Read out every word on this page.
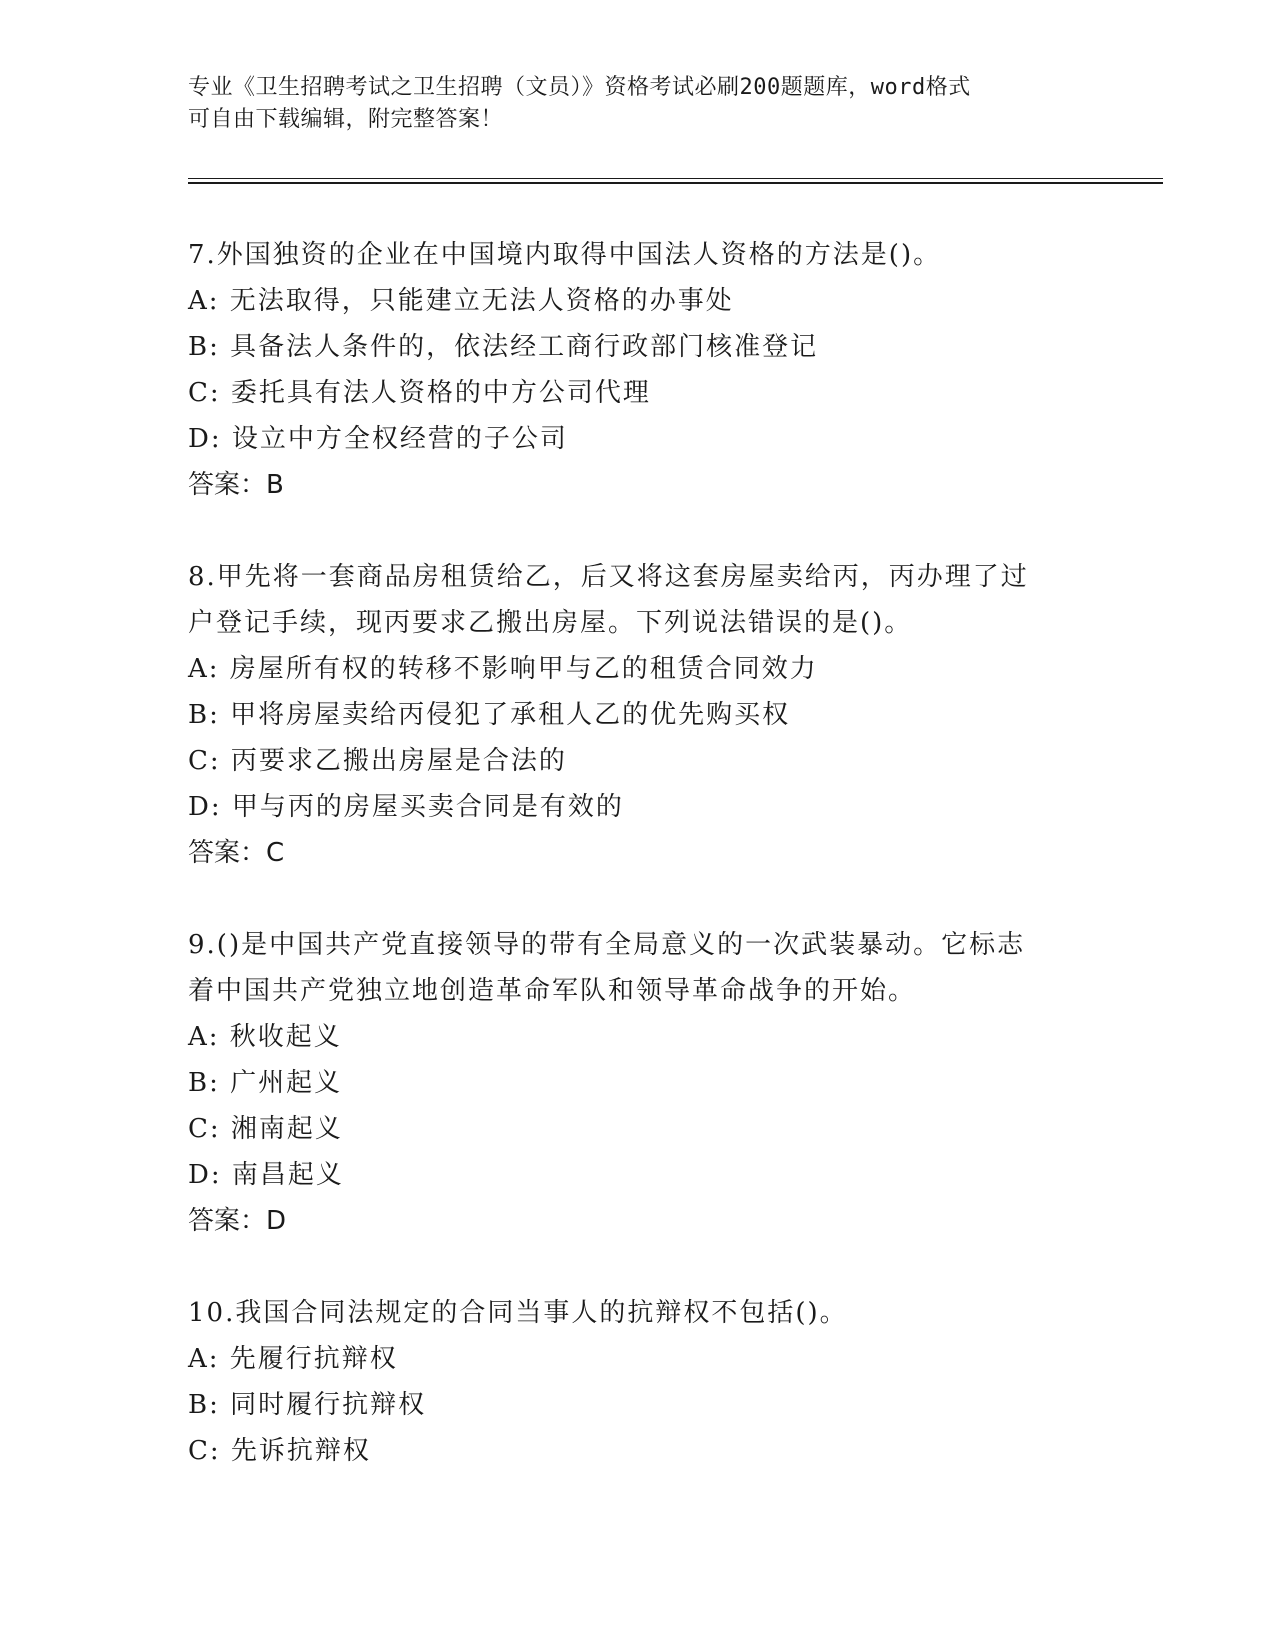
专业《卫生招聘考试之卫生招聘（文员）》资格考试必刷200题题库，word格式
可自由下载编辑，附完整答案！
7.外国独资的企业在中国境内取得中国法人资格的方法是()。
A: 无法取得，只能建立无法人资格的办事处
B: 具备法人条件的，依法经工商行政部门核准登记
C: 委托具有法人资格的中方公司代理
D: 设立中方全权经营的子公司
答案：B
8.甲先将一套商品房租赁给乙，后又将这套房屋卖给丙，丙办理了过
户登记手续，现丙要求乙搬出房屋。下列说法错误的是()。
A: 房屋所有权的转移不影响甲与乙的租赁合同效力
B: 甲将房屋卖给丙侵犯了承租人乙的优先购买权
C: 丙要求乙搬出房屋是合法的
D: 甲与丙的房屋买卖合同是有效的
答案：C
9.()是中国共产党直接领导的带有全局意义的一次武装暴动。它标志
着中国共产党独立地创造革命军队和领导革命战争的开始。
A: 秋收起义
B: 广州起义
C: 湘南起义
D: 南昌起义
答案：D
10.我国合同法规定的合同当事人的抗辩权不包括()。
A: 先履行抗辩权
B: 同时履行抗辩权
C: 先诉抗辩权
